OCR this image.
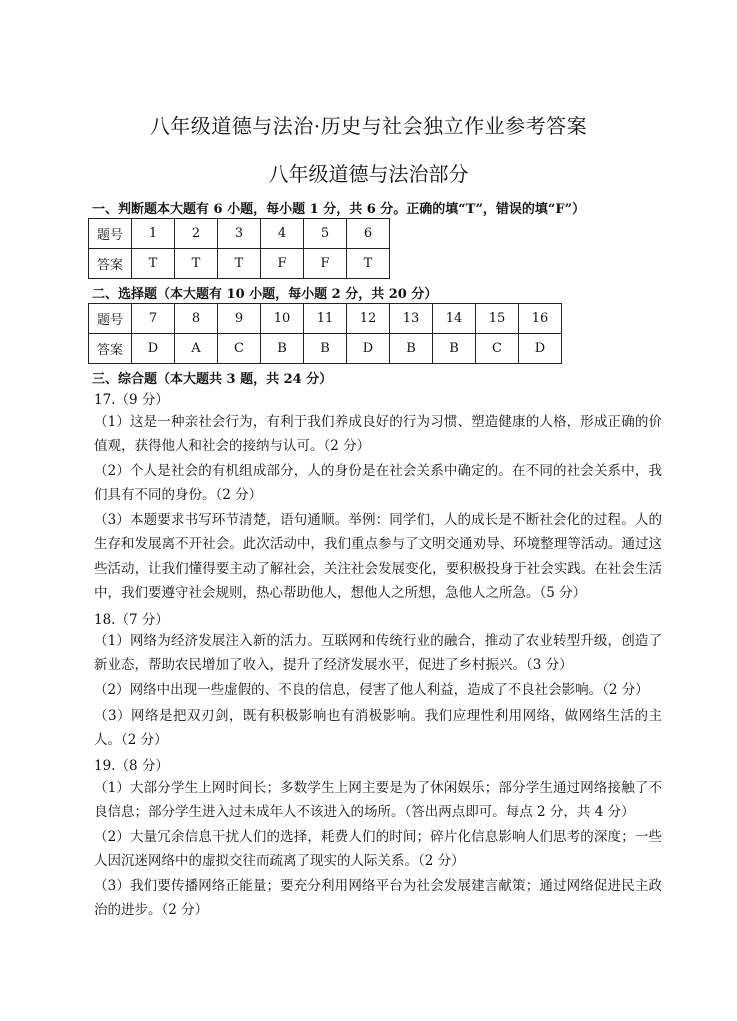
八年级道德与法治·历史与社会独立作业参考答案
八年级道德与法治部分
一、判断题本大题有 6 小题，每小题 1 分，共 6 分。正确的填“T”，错误的填“F”）
题号	1	2	3	4	5	6
答案	T	T	T	F	F	T
二、选择题（本大题有 10 小题，每小题 2 分，共 20 分）
题号	7	8	9	10	11	12	13	14	15	16
答案	D	A	C	B	B	D	B	B	C	D
三、综合题（本大题共 3 题，共 24 分）
17.（9 分）
（1）这是一种亲社会行为，有利于我们养成良好的行为习惯、塑造健康的人格，形成正确的价值观，获得他人和社会的接纳与认可。（2 分）
（2）个人是社会的有机组成部分，人的身份是在社会关系中确定的。在不同的社会关系中，我们具有不同的身份。（2 分）
（3）本题要求书写环节清楚，语句通顺。举例：同学们，人的成长是不断社会化的过程。人的生存和发展离不开社会。此次活动中，我们重点参与了文明交通劝导、环境整理等活动。通过这些活动，让我们懂得要主动了解社会，关注社会发展变化，要积极投身于社会实践。在社会生活中，我们要遵守社会规则，热心帮助他人，想他人之所想，急他人之所急。（5 分）
18.（7 分）
（1）网络为经济发展注入新的活力。互联网和传统行业的融合，推动了农业转型升级，创造了新业态，帮助农民增加了收入，提升了经济发展水平，促进了乡村振兴。（3 分）
（2）网络中出现一些虚假的、不良的信息，侵害了他人利益，造成了不良社会影响。（2 分）
（3）网络是把双刃剑，既有积极影响也有消极影响。我们应理性利用网络，做网络生活的主人。（2 分）
19.（8 分）
（1）大部分学生上网时间长；多数学生上网主要是为了休闲娱乐；部分学生通过网络接触了不良信息；部分学生进入过未成年人不该进入的场所。（答出两点即可。每点 2 分，共 4 分）
（2）大量冗余信息干扰人们的选择，耗费人们的时间；碎片化信息影响人们思考的深度；一些人因沉迷网络中的虚拟交往而疏离了现实的人际关系。（2 分）
（3）我们要传播网络正能量；要充分利用网络平台为社会发展建言献策；通过网络促进民主政治的进步。（2 分）
